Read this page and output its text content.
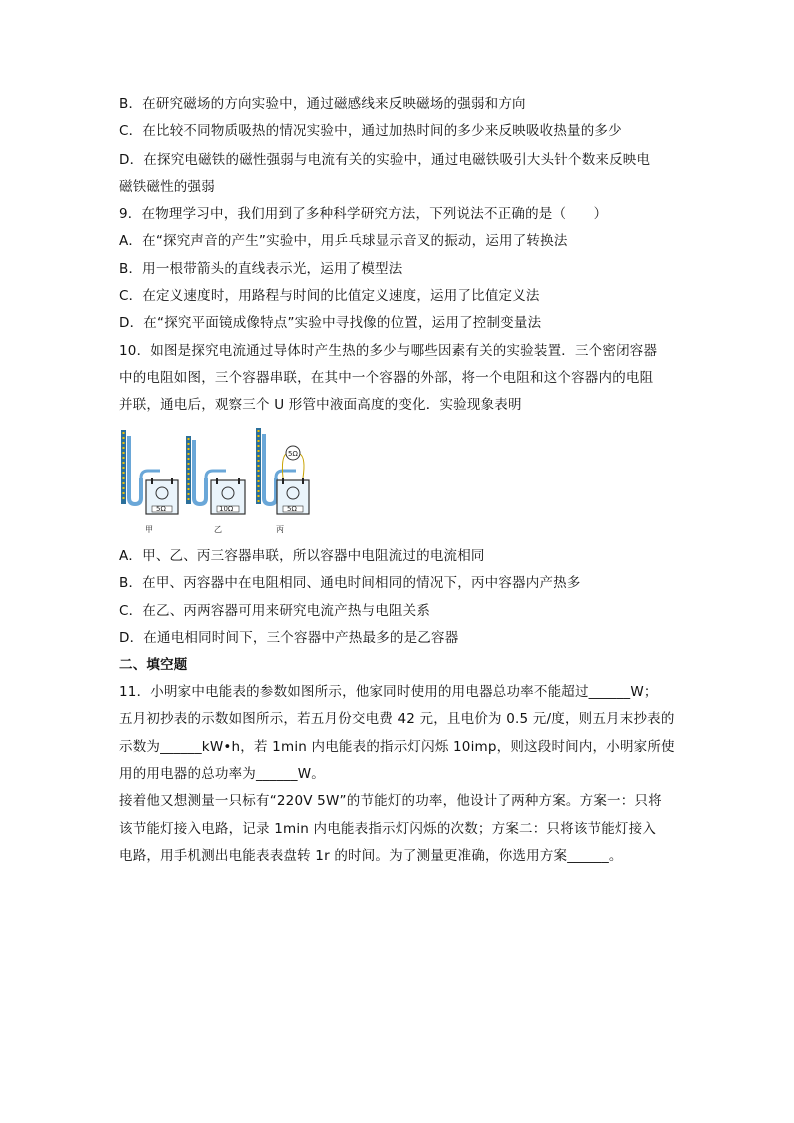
B．在研究磁场的方向实验中，通过磁感线来反映磁场的强弱和方向
C．在比较不同物质吸热的情况实验中，通过加热时间的多少来反映吸收热量的多少
D．在探究电磁铁的磁性强弱与电流有关的实验中，通过电磁铁吸引大头针个数来反映电
磁铁磁性的强弱
9．在物理学习中，我们用到了多种科学研究方法，下列说法不正确的是（　　）
A．在“探究声音的产生”实验中，用乒乓球显示音叉的振动，运用了转换法
B．用一根带箭头的直线表示光，运用了模型法
C．在定义速度时，用路程与时间的比值定义速度，运用了比值定义法
D．在“探究平面镜成像特点”实验中寻找像的位置，运用了控制变量法
10．如图是探究电流通过导体时产生热的多少与哪些因素有关的实验装置．三个密闭容器
中的电阻如图，三个容器串联，在其中一个容器的外部，将一个电阻和这个容器内的电阻
并联，通电后，观察三个 U 形管中液面高度的变化．实验现象表明
5Ω
甲
10Ω
乙
5Ω
5Ω
丙
A．甲、乙、丙三容器串联，所以容器中电阻流过的电流相同
B．在甲、丙容器中在电阻相同、通电时间相同的情况下，丙中容器内产热多
C．在乙、丙两容器可用来研究电流产热与电阻关系
D．在通电相同时间下，三个容器中产热最多的是乙容器
二、填空题
11．小明家中电能表的参数如图所示，他家同时使用的用电器总功率不能超过______W；
五月初抄表的示数如图所示，若五月份交电费 42 元，且电价为 0.5 元/度，则五月末抄表的
示数为______kW•h，若 1min 内电能表的指示灯闪烁 10imp，则这段时间内，小明家所使
用的用电器的总功率为______W。
接着他又想测量一只标有“220V 5W”的节能灯的功率，他设计了两种方案。方案一：只将
该节能灯接入电路，记录 1min 内电能表指示灯闪烁的次数；方案二：只将该节能灯接入
电路，用手机测出电能表表盘转 1r 的时间。为了测量更准确，你选用方案______。
